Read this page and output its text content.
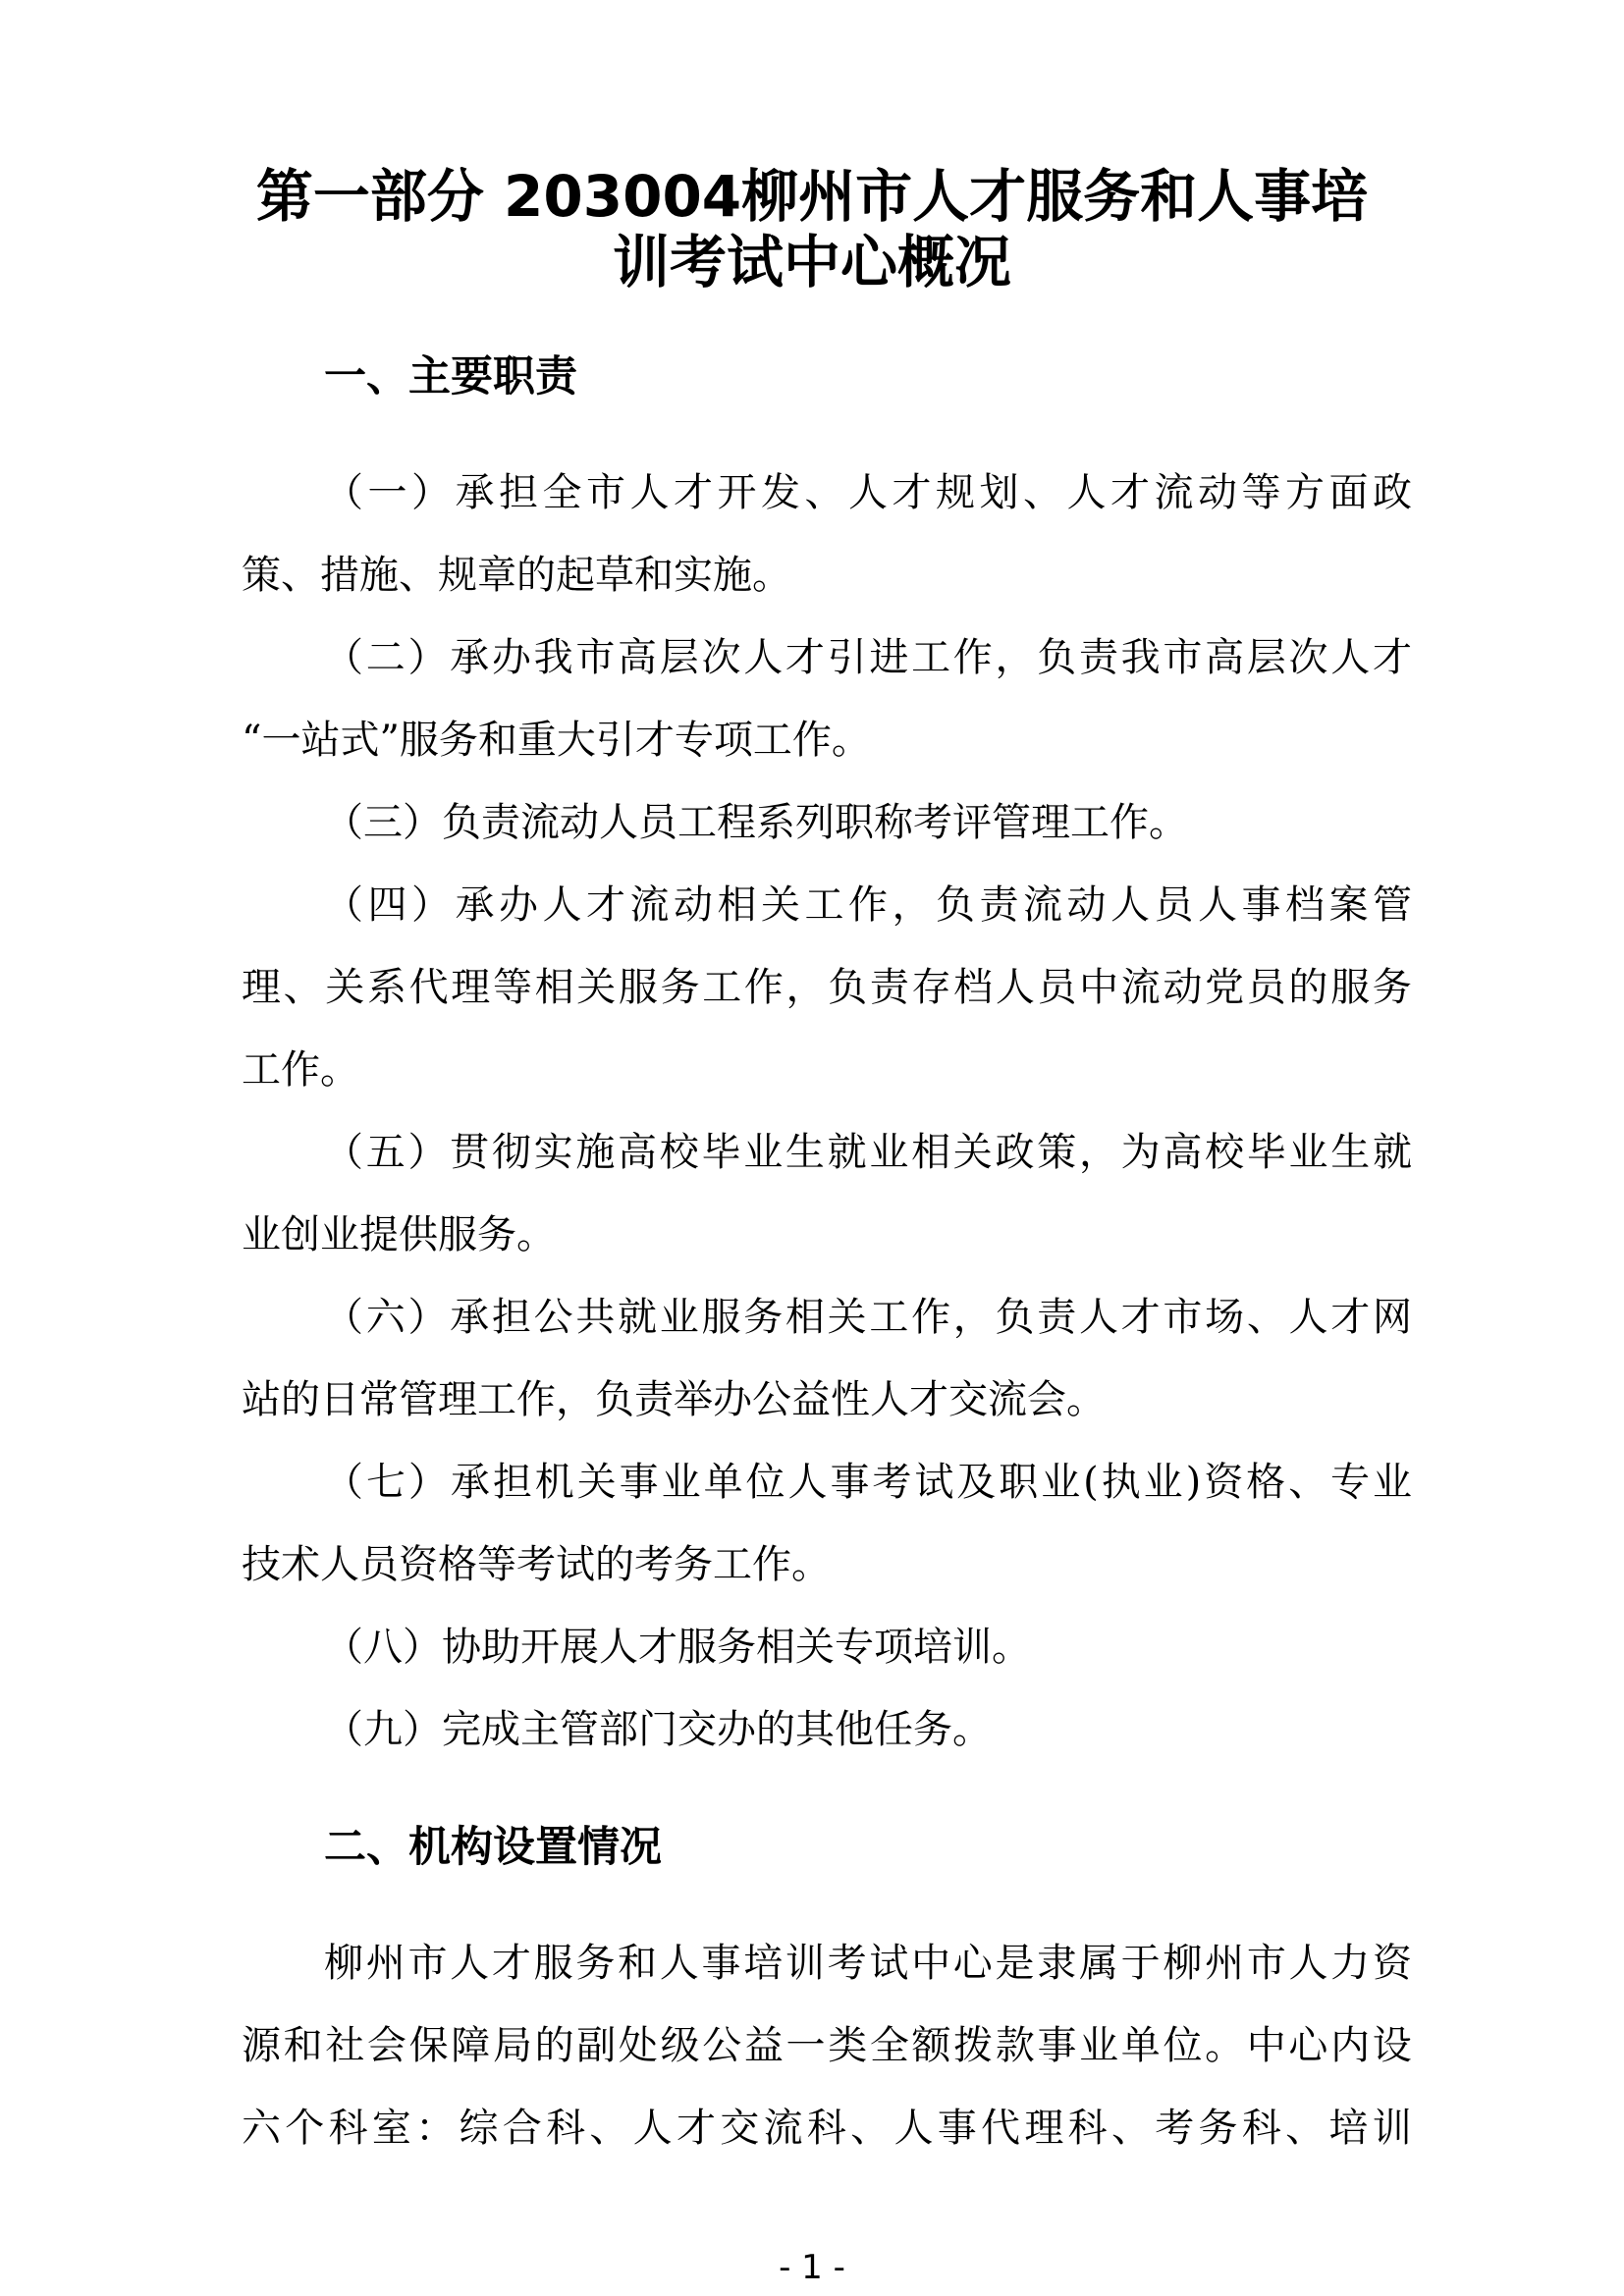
第一部分 203004柳州市人才服务和人事培
训考试中心概况
一、主要职责

（ 一 ） 承 担 全 市 人 才 开 发 、 人 才 规 划 、 人 才 流 动 等 方 面 政

策、措施、规章的起草和实施。

（ 二 ） 承 办 我 市 高 层 次 人 才 引 进 工 作 ， 负 责 我 市 高 层 次 人 才

“一站式”服务和重大引才专项工作。

（三）负责流动人员工程系列职称考评管理工作。

（ 四 ） 承 办 人 才 流 动 相 关 工 作 ， 负 责 流 动 人 员 人 事 档 案 管

理 、 关 系 代 理 等 相 关 服 务 工 作 ， 负 责 存 档 人 员 中 流 动 党 员 的 服 务

工作。

（ 五 ） 贯 彻 实 施 高 校 毕 业 生 就 业 相 关 政 策 ， 为 高 校 毕 业 生 就

业创业提供服务。

（ 六 ） 承 担 公 共 就 业 服 务 相 关 工 作 ， 负 责 人 才 市 场 、 人 才 网

站的日常管理工作，负责举办公益性人才交流会。

（ 七 ） 承 担 机 关 事 业 单 位 人 事 考 试 及 职 业 ( 执 业 ) 资 格 、 专 业

技术人员资格等考试的考务工作。

（八）协助开展人才服务相关专项培训。

（九）完成主管部门交办的其他任务。

二、机构设置情况

柳 州 市 人 才 服 务 和 人 事 培 训 考 试 中 心 是 隶 属 于 柳 州 市 人 力 资

源 和 社 会 保 障 局 的 副 处 级 公 益 一 类 全 额 拨 款 事 业 单 位 。 中 心 内 设

六 个 科 室 ： 综 合 科 、 人 才 交 流 科 、 人 事 代 理 科 、 考 务 科 、 培 训

- 1 -
